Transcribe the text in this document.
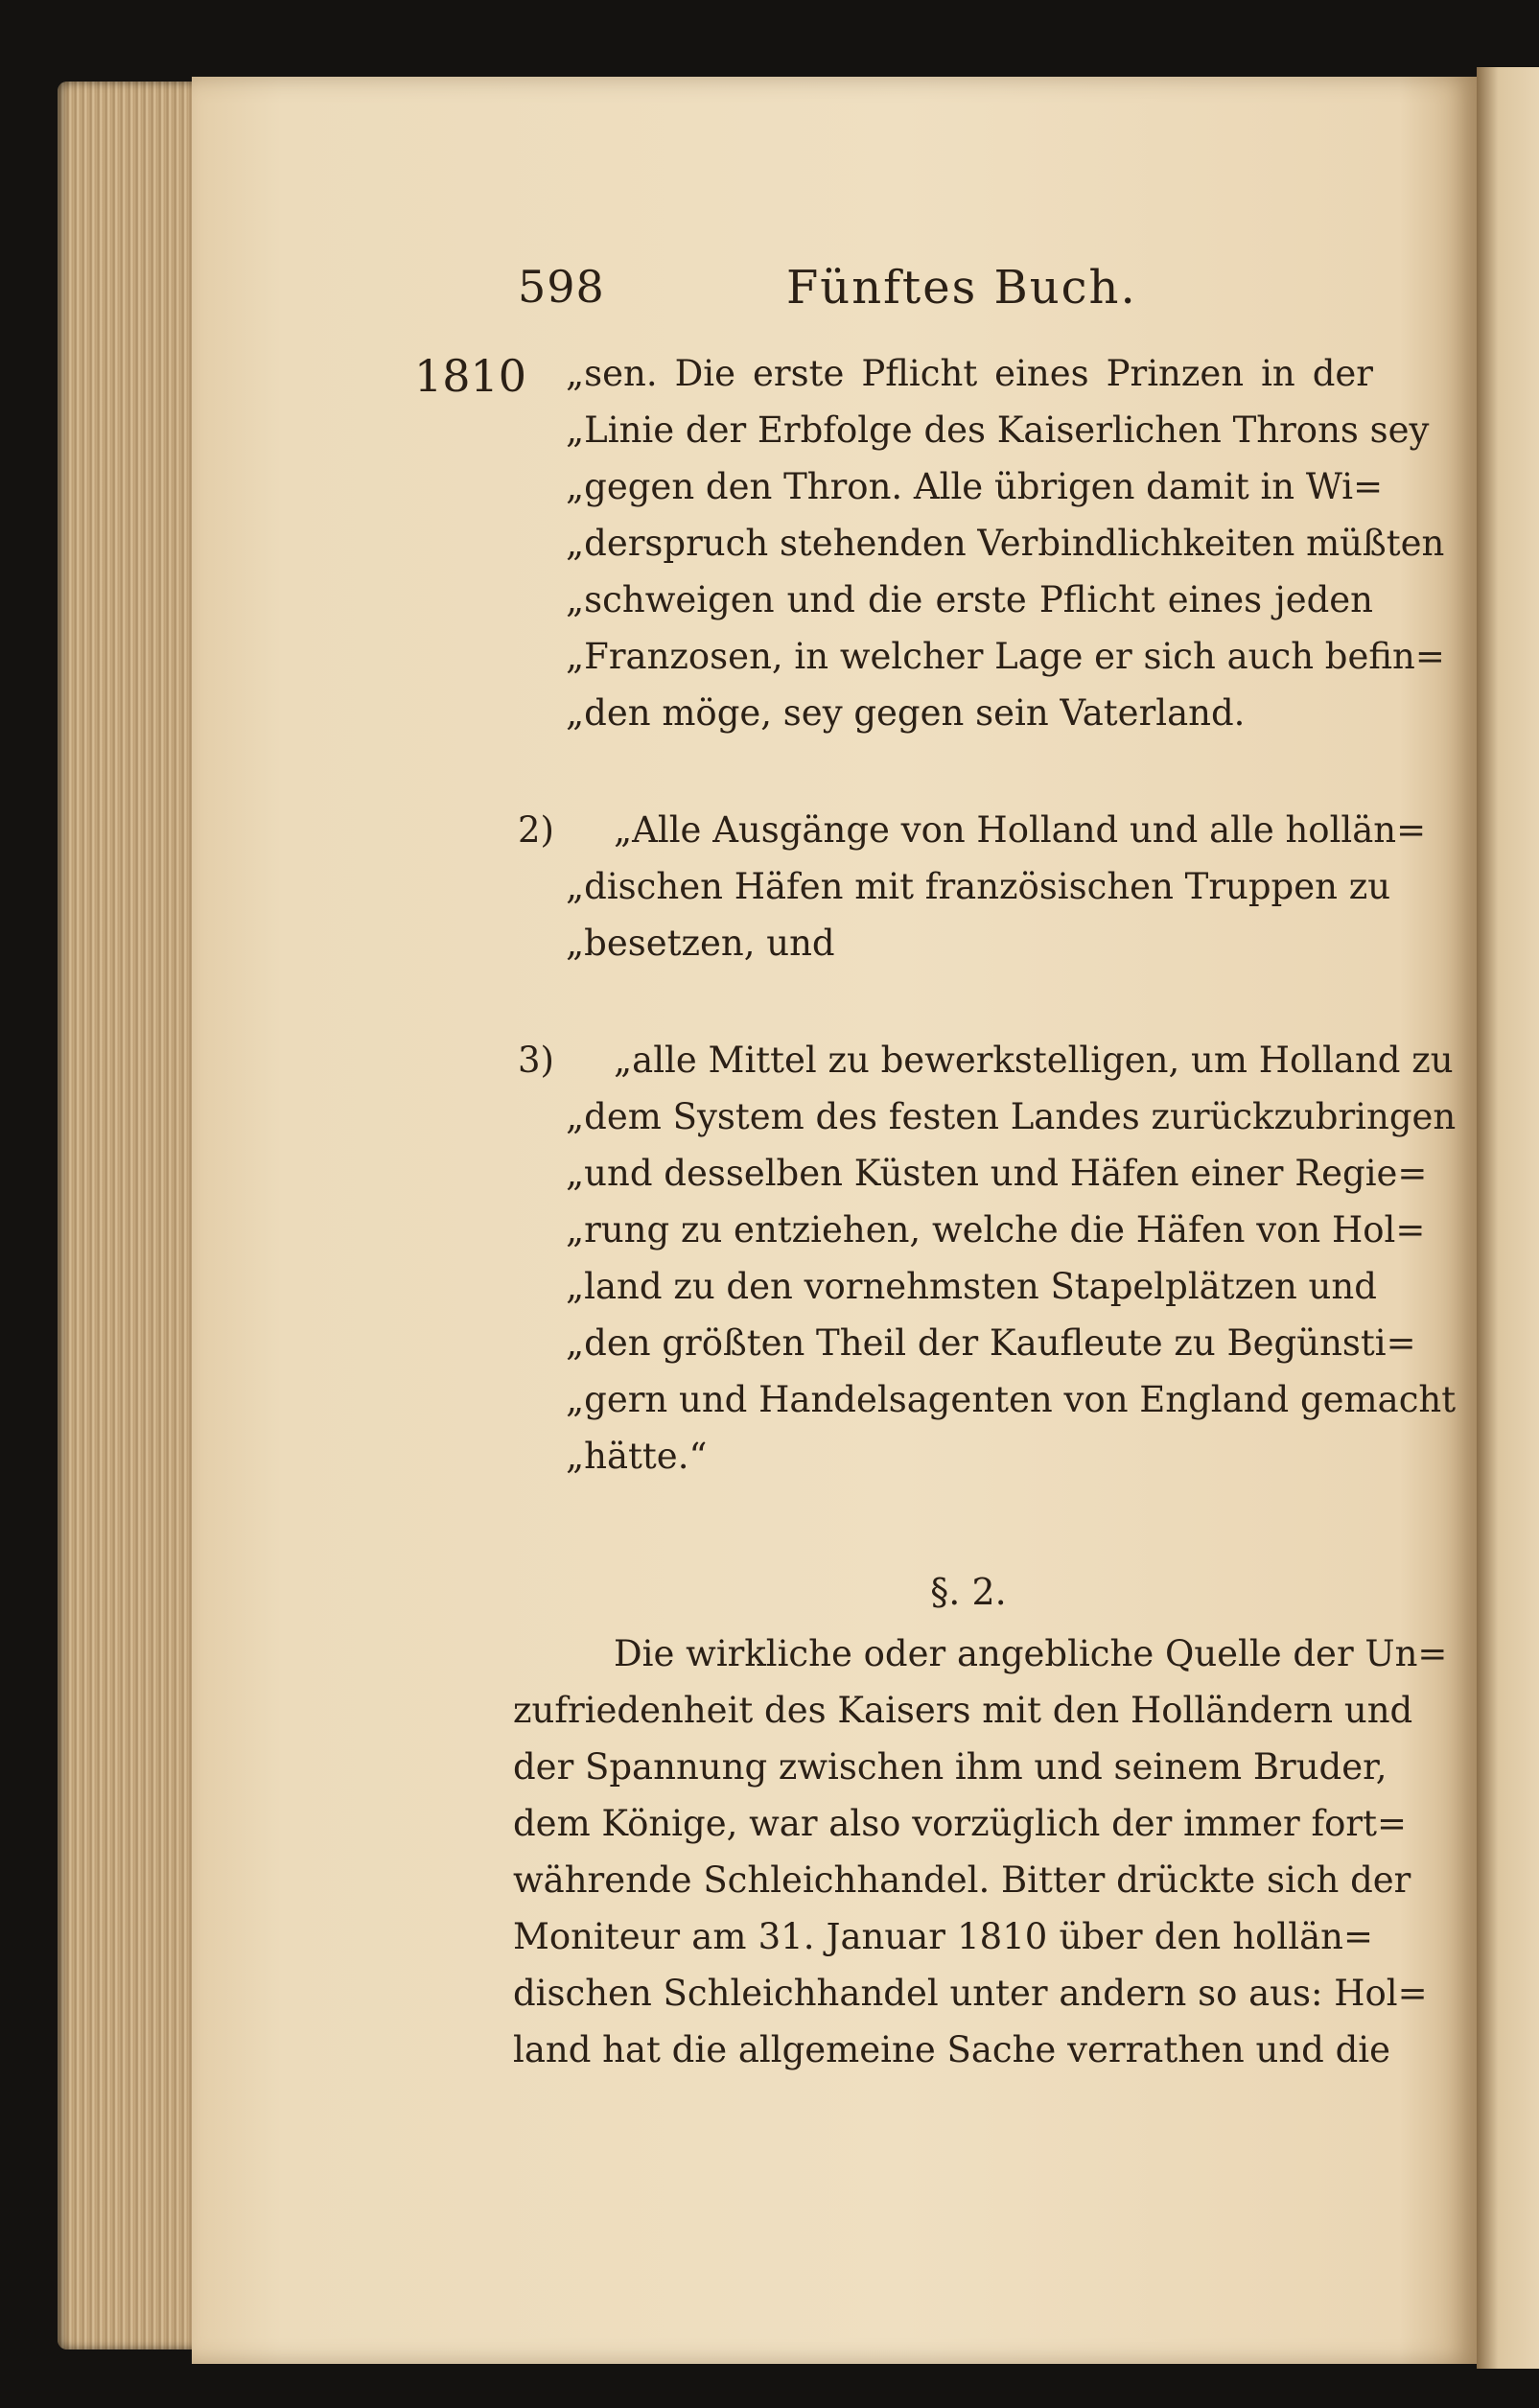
598	Fünftes Buch.
1810 „sen. Die erste Pflicht eines Prinzen in der
„Linie der Erbfolge des Kaiserlichen Throns sey
„gegen den Thron. Alle übrigen damit in Wi=
„derspruch stehenden Verbindlichkeiten müßten
„schweigen und die erste Pflicht eines jeden
„Franzosen, in welcher Lage er sich auch befin=
„den möge, sey gegen sein Vaterland.
2) „Alle Ausgänge von Holland und alle hollän=
„dischen Häfen mit französischen Truppen zu
„besetzen, und
3) „alle Mittel zu bewerkstelligen, um Holland zu
„dem System des festen Landes zurückzubringen
„und desselben Küsten und Häfen einer Regie=
„rung zu entziehen, welche die Häfen von Hol=
„land zu den vornehmsten Stapelplätzen und
„den größten Theil der Kaufleute zu Begünsti=
„gern und Handelsagenten von England gemacht
„hätte.“
§. 2.
Die wirkliche oder angebliche Quelle der Un=
zufriedenheit des Kaisers mit den Holländern und
der Spannung zwischen ihm und seinem Bruder,
dem Könige, war also vorzüglich der immer fort=
währende Schleichhandel. Bitter drückte sich der
Moniteur am 31. Januar 1810 über den hollän=
dischen Schleichhandel unter andern so aus: Hol=
land hat die allgemeine Sache verrathen und die
